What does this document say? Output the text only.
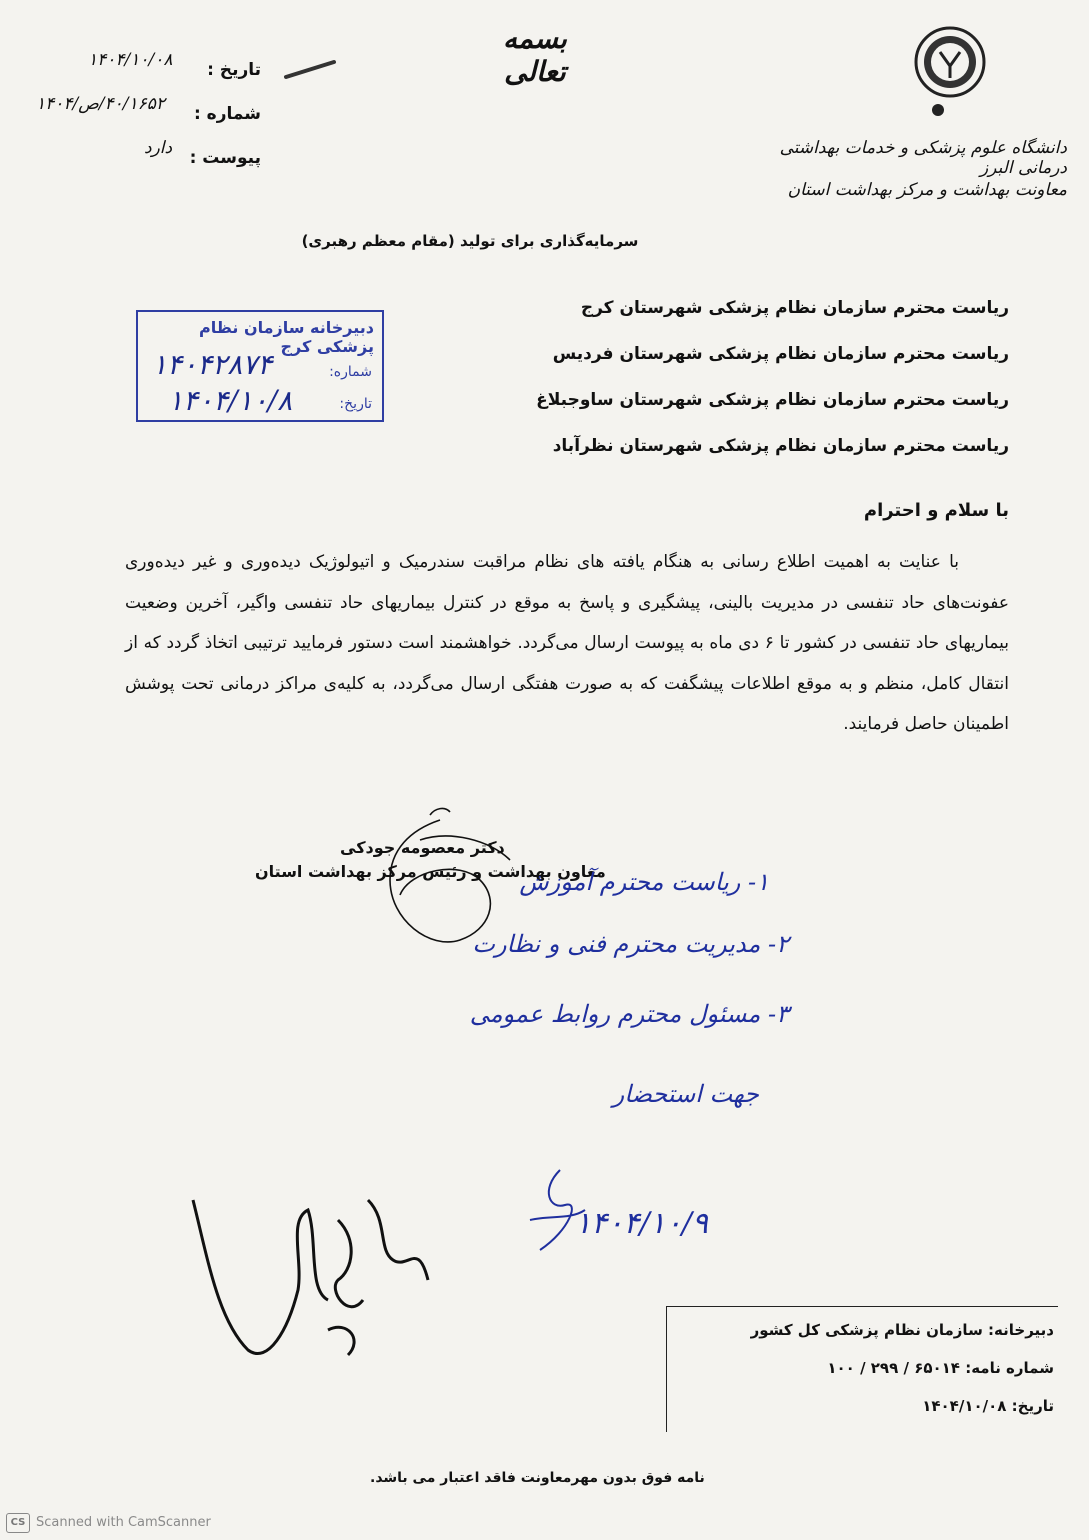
بسمه تعالی
دانشگاه علوم پزشکی و خدمات بهداشتی درمانی البرز
معاونت بهداشت و مرکز بهداشت استان
تاریخ :
۱۴۰۴/۱۰/۰۸
شماره :
۴۰/۱۶۵۲/ص/۱۴۰۴
پیوست :
دارد
سرمایه‌گذاری برای تولید (مقام معظم رهبری)
ریاست محترم سازمان نظام پزشکی شهرستان کرج
ریاست محترم سازمان نظام پزشکی شهرستان فردیس
ریاست محترم سازمان نظام پزشکی شهرستان ساوجبلاغ
ریاست محترم سازمان نظام پزشکی شهرستان نظرآباد
دبیرخانه سازمان نظام پزشکی کرج
شماره:
تاریخ:
۱۴۰۴۲۸۷۴
۱۴۰۴/۱۰/۸
با سلام و احترام

با عنایت به اهمیت اطلاع رسانی به هنگام یافته های نظام مراقبت سندرمیک و اتیولوژیک دیده‌وری و غیر دیده‌وری عفونت‌های حاد تنفسی در مدیریت بالینی، پیشگیری و پاسخ به موقع در کنترل بیماریهای حاد تنفسی واگیر، آخرین وضعیت بیماریهای حاد تنفسی در کشور تا ۶ دی ماه به پیوست ارسال می‌گردد. خواهشمند است دستور فرمایید ترتیبی اتخاذ گردد که از انتقال کامل، منظم و به موقع اطلاعات پیشگفت که به صورت هفتگی ارسال می‌گردد، به کلیه‌ی مراکز درمانی تحت پوشش اطمینان حاصل فرمایند.

دکتر معصومه جودکی
معاون بهداشت و رئیس مرکز بهداشت استان
۱- ریاست محترم آموزش
۲- مدیریت محترم فنی و نظارت
۳- مسئول محترم روابط عمومی
جهت استحضار
۱۴۰۴/۱۰/۹
دبیرخانه: سازمان نظام پزشکی کل کشور
شماره نامه: ۶۵۰۱۴ / ۲۹۹ / ۱۰۰
تاریخ: ۱۴۰۴/۱۰/۰۸
نامه فوق بدون مهرمعاونت فاقد اعتبار می باشد.
CS Scanned with CamScanner
